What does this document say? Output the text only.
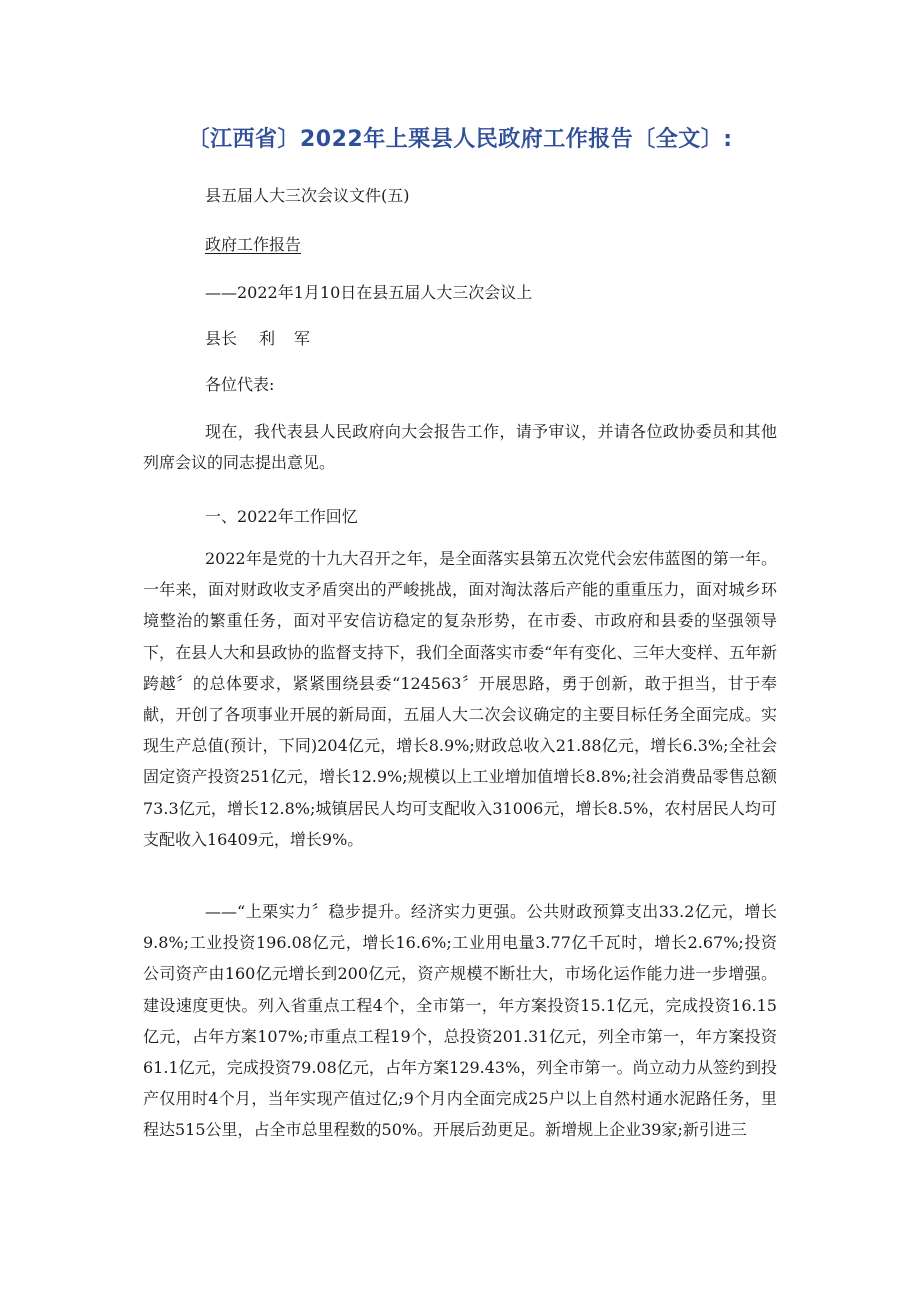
〔江西省〕2022年上栗县人民政府工作报告〔全文〕:

县五届人大三次会议文件(五)

政府工作报告

——2022年1月10日在县五届人大三次会议上

县长 利 军

各位代表:

现在，我代表县人民政府向大会报告工作，请予审议，并请各位政协委员和其他列席会议的同志提出意见。

一、2022年工作回忆

2022年是党的十九大召开之年，是全面落实县第五次党代会宏伟蓝图的第一年。一年来，面对财政收支矛盾突出的严峻挑战，面对淘汰落后产能的重重压力，面对城乡环境整治的繁重任务，面对平安信访稳定的复杂形势，在市委、市政府和县委的坚强领导下，在县人大和县政协的监督支持下，我们全面落实市委“年有变化、三年大变样、五年新跨越〞的总体要求，紧紧围绕县委“124563〞开展思路，勇于创新，敢于担当，甘于奉献，开创了各项事业开展的新局面，五届人大二次会议确定的主要目标任务全面完成。实现生产总值(预计，下同)204亿元，增长8.9%;财政总收入21.88亿元，增长6.3%;全社会固定资产投资251亿元，增长12.9%;规模以上工业增加值增长8.8%;社会消费品零售总额73.3亿元，增长12.8%;城镇居民人均可支配收入31006元，增长8.5%，农村居民人均可支配收入16409元，增长9%。

——“上栗实力〞稳步提升。经济实力更强。公共财政预算支出33.2亿元，增长9.8%;工业投资196.08亿元，增长16.6%;工业用电量3.77亿千瓦时，增长2.67%;投资公司资产由160亿元增长到200亿元，资产规模不断壮大，市场化运作能力进一步增强。建设速度更快。列入省重点工程4个，全市第一，年方案投资15.1亿元，完成投资16.15亿元，占年方案107%;市重点工程19个，总投资201.31亿元，列全市第一，年方案投资61.1亿元，完成投资79.08亿元，占年方案129.43%，列全市第一。尚立动力从签约到投产仅用时4个月，当年实现产值过亿;9个月内全面完成25户以上自然村通水泥路任务，里程达515公里，占全市总里程数的50%。开展后劲更足。新增规上企业39家;新引进三
